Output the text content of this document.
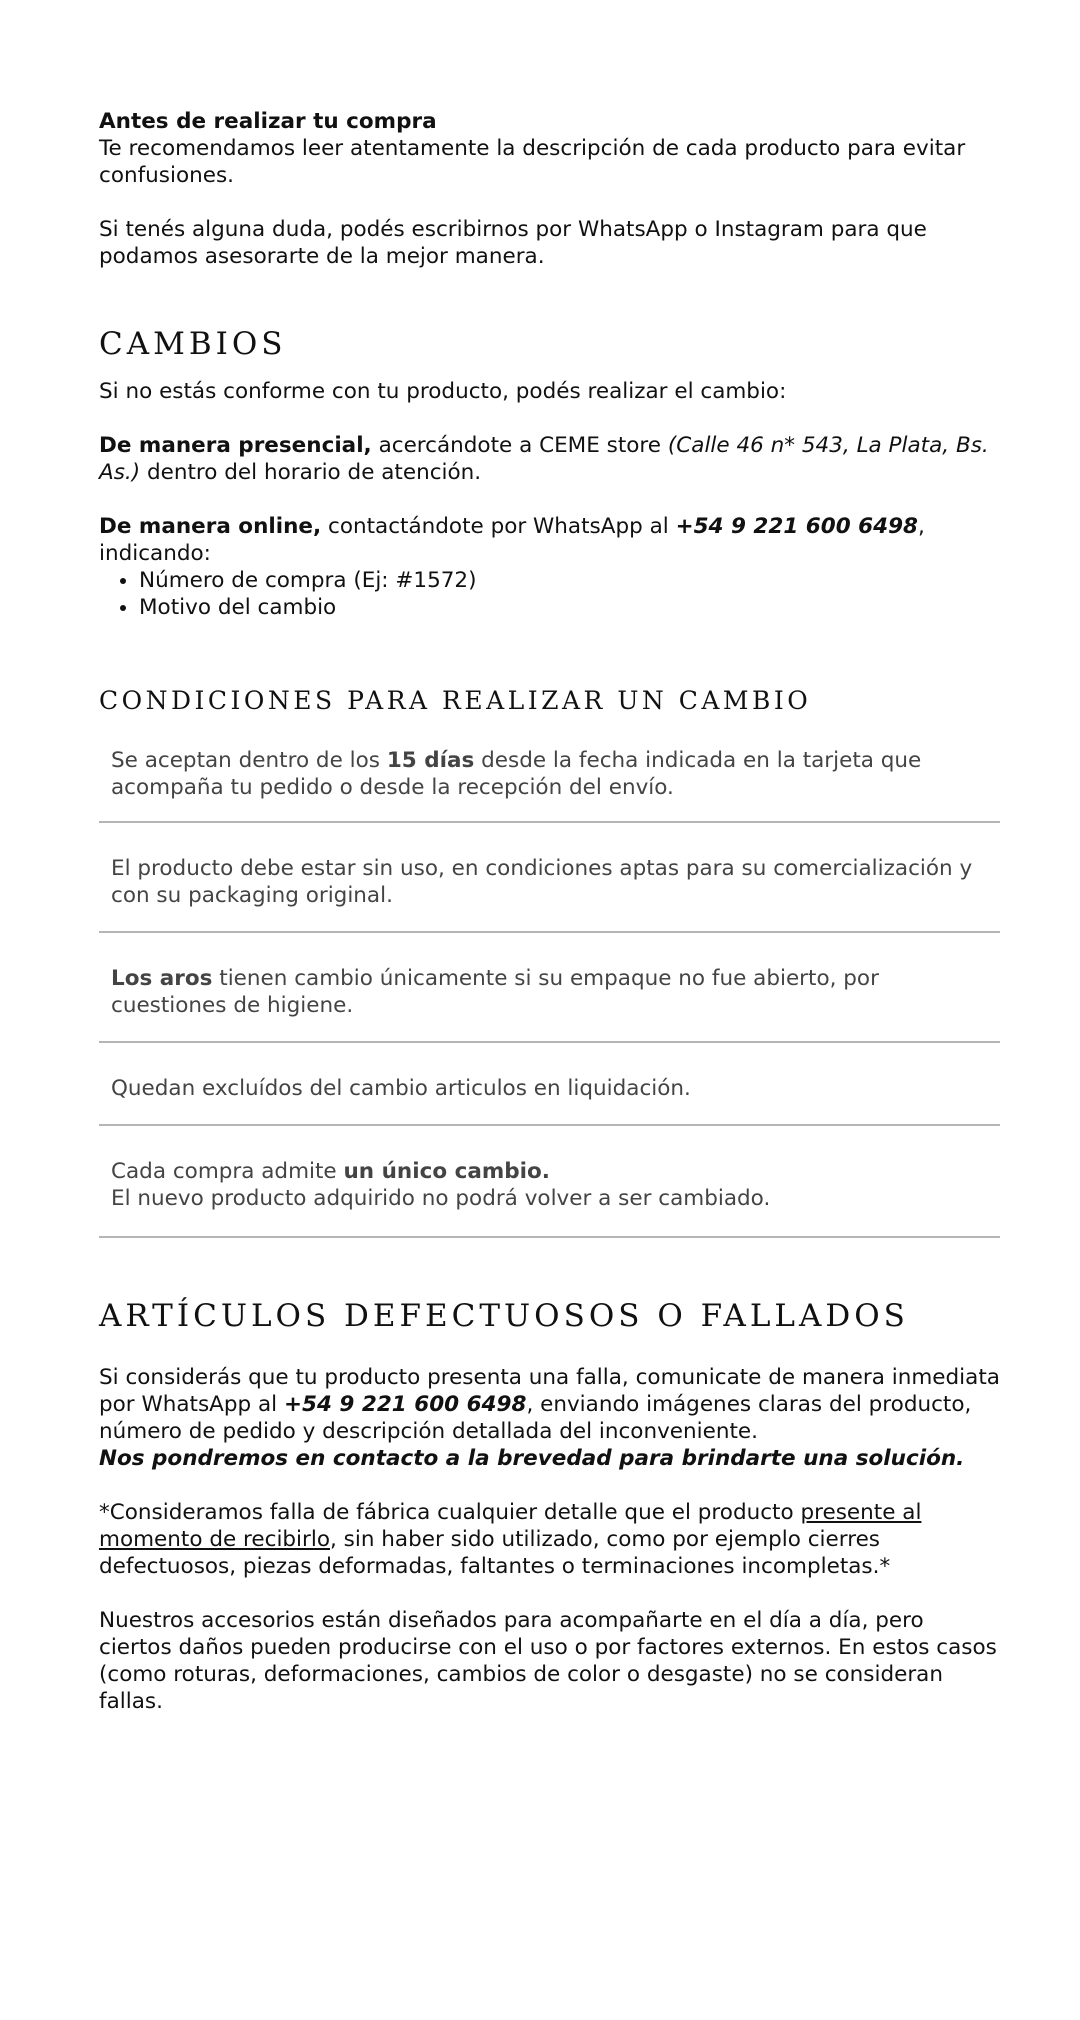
Antes de realizar tu compra

Te recomendamos leer atentamente la descripción de cada producto para evitar confusiones.

Si tenés alguna duda, podés escribirnos por WhatsApp o Instagram para que podamos asesorarte de la mejor manera.

CAMBIOS

Si no estás conforme con tu producto, podés realizar el cambio:

De manera presencial, acercándote a CEME store (Calle 46 n* 543, La Plata, Bs. As.) dentro del horario de atención.

De manera online, contactándote por WhatsApp al +54 9 221 600 6498, indicando:

• Número de compra (Ej: #1572)
• Motivo del cambio
CONDICIONES PARA REALIZAR UN CAMBIO
Se aceptan dentro de los 15 días desde la fecha indicada en la tarjeta que acompaña tu pedido o desde la recepción del envío.
El producto debe estar sin uso, en condiciones aptas para su comercialización y con su packaging original.
Los aros tienen cambio únicamente si su empaque no fue abierto, por cuestiones de higiene.
Quedan excluídos del cambio articulos en liquidación.
Cada compra admite un único cambio.
El nuevo producto adquirido no podrá volver a ser cambiado.
ARTÍCULOS DEFECTUOSOS O FALLADOS

Si considerás que tu producto presenta una falla, comunicate de manera inmediata por WhatsApp al +54 9 221 600 6498, enviando imágenes claras del producto, número de pedido y descripción detallada del inconveniente.

Nos pondremos en contacto a la brevedad para brindarte una solución.

*Consideramos falla de fábrica cualquier detalle que el producto presente al momento de recibirlo, sin haber sido utilizado, como por ejemplo cierres defectuosos, piezas deformadas, faltantes o terminaciones incompletas.*

Nuestros accesorios están diseñados para acompañarte en el día a día, pero ciertos daños pueden producirse con el uso o por factores externos. En estos casos (como roturas, deformaciones, cambios de color o desgaste) no se consideran fallas.
